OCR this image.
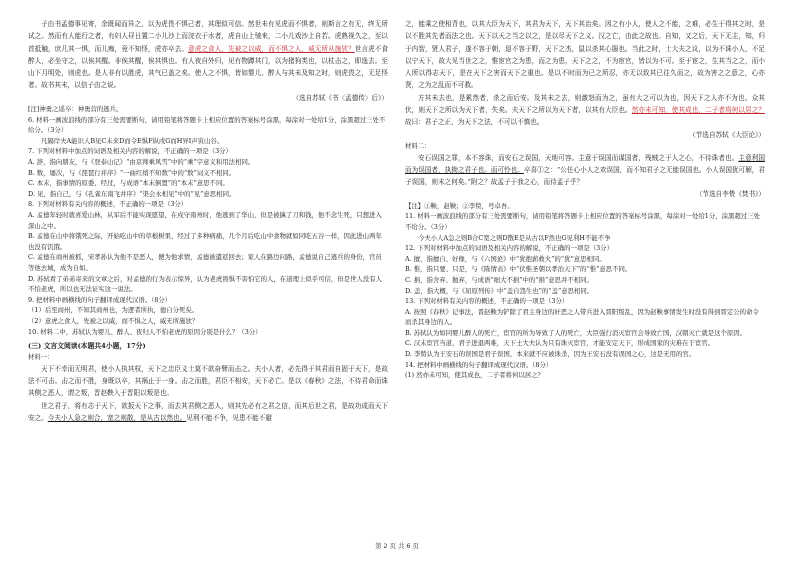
子由书孟德事见寄，余既闻而异之，以为虎畏不惧己者，其理似可信。然世未有见虎而不惧者，则斯言之有无，终无所试之。然而有人能行之者，有妇人昼日置二小儿沙上而浣衣于水者，虎自山上驰来，二小儿戏沙上自若。虎熟视久之，至以首抵触，庶几其一惧，而儿痴，竟不知怪，虎亦卒去。意虎之食人，先被之以威，而不惧之人，威无所从施欤？世言虎不食醉人，必坐守之，以俟其醒。非俟其醒，俟其惧也。有人夜自外归，见有物蹲其门，以为猪狗类也，以杖击之，即逸去。至山下月明处，则虎也。是人非有以胜虎，其气已盖之矣。使人之不惧，皆如婴儿、醉人与其未及知之时，则虎畏之，无足怪者。故书其末，以信子由之说。

（选自苏轼《书〈孟德传〉后》）

[注]神勇之谣卒：神勇营的逃兵。

6. 材料一画波浪线的部分有三处需要断句，请用铅笔将答题卡上相应位置的答案标号涂黑，每涂对一处给1分，涂黑超过三处不给分。（3分）

凡隔岸夫A能识人B见C未来D而令E惧F纵戌G而H异I声寅山谷。

7. 下列对材料中加点的词语及相关内容的解说，不正确的一项是（3分）

A. 辞，指向朋友，与《登泰山记》“由京师乘风雪”中的“乘”字意义和用法相同。

B. 数，屡次，与《琵琶行并序》“一曲红绡不知数”中的“数”词义不相同。

C. 本末，指事情的原委、经过，与成语“本末倒置”的“本末”意思不同。

D. 见，指自己，与《孔雀东南飞并序》“渠会永相见”中的“见”意思相同。

8. 下列对材料有关内容的概述，不正确的一项是（3分）

A. 孟德年轻时就喜爱山林，从军后不能实现愿望，在戍守南州时，他逃到了华山，但是被擒了刀和钱，他不念生死，只想进入深山之中。

B. 孟德在山中将饿死之际，开始吃山中的草根树果，经过了多种病痛，几个月后吃山中食物就如同吃五谷一样，因此进山两年也没有饥饿。

C. 孟德在商州被抓，宋孝孙认为他不是恶人，便为他求情，孟德被遣返回去；家人在路边问路，孟德说自己逃兵的身份，官员等他去城，成为自如。

D. 苏轼看了弟弟寄来的文章之后，对孟德的行为表示惊异，认为老虎畏惧不害怕它的人，在道理上似乎可信，但是世人没有人不怕老虎，所以也无法证实这一说法。

9. 把材料中画横线的句子翻译成现代汉语。（8分）

（1）后至商州，不知其商州也，为逻者所执，德自分死矣。

（2）意虎之食人，先被之以威，而不惧之人，威无所施欤？

10. 材料二中，苏轼认为婴儿、醉人、夜归人不怕老虎的原因分别是什么？（3分）

(三) 文言文阅读(本题共4小题，17分)

材料一：

天下不幸而无明君，使小人执其权，天下之忠臣义士莫不欲奋臂而击之。夫小人者，必先得于其君而自固于天下，是故法不可击。击之而不胜，身既以卒，其祸止于一身。击之而胜，君臣不相安，天下必亡。是以《春秋》之法，不待君命而诛其侧之恶人，谓之叛，晋赵鞅入于晋阳以叛是也。

世之君子，将有志于天下，欲扳天下之事，而去其君侧之恶人，则其先必有之君之信，而其后世之君，是故功成而天下安之。今夫小人急之则合，宽之则散，是从古以然也。见利不能不争，见患不能不避

之，能乘之使相背也，以其大臣为天下，其君为天下，天下其治矣。因之有小人，使人之不能，之难，必生于得其之时，是以不胜其先者而法之也。天下以天之当之以之，是以尽天下之义。汉之亡，由此之故也。自知，又之后，天下无主，知，归于内智，贤人君子，遂不容于朝，退不容于野，天下之杰，鼠以杀其心服也。当此之时，士大夫之议，以为不诛小人，不足以宁天下，故大见当世之之，惟宦官之为患，而之为患，天下之之，不为宦官，皆以为不可。至于宦之，生其当之之，而小人所以得志天下，是在天下之害而天下之重也。是以不时而为已之所忍，亦无以致其已往久而之，故为害之之意之，心亦贤，之为之乱而不可救。

方其未去也，是累然者，杀之而后安。及其未之去，则激怒而为之，虽有大之可以为也，因天下之人亦不为也。众其伏，则天下之所以为天下者，失矣。夫天下之所以为天下者，以其有大臣也。然亦未可知，使其成也，二子者将何以居之？故曰：君子之正，为天下之法，不可以不慎也。

（节选自苏轼《大臣论》）

材料二：

安石误国之罪，本不容诛，而安石之误国，天地可容。主意于误国而谋国者，残贼之于人之心，不待诛者也。主意利国而为误国者，执拗之君子也。而可怜也。卒喜①之：“公任心小人之欢误国，而不知君子之无能误国也。小人误国犹可解，君子误国，则未之何矣。”附之？故孟子于我之心，而待孟子乎？

（节选自李贽《焚书》）

【注】①鞅，赵鞅；②李贽，号卓吾。

11. 材料一画波浪线的部分有三处需要断句，请用铅笔将答题卡上相应位置的答案标号涂黑，每涂对一处给1分，涂黑超过三处不给分。（3分）

今夫小人A急之则B合C宽之则D散E是从古以F然也G见利H不能不争

12. 下列对材料中加点的词语及相关内容的解说，不正确的一项是（3分）

A. 擅，指擅自、好像，与《六国论》中“犹抱薪救火”的“犹”意思相同。

B. 惟，指只要、只是，与《陈情表》中“伏惟圣朝以孝治天下”的“惟”意思不同。

C. 捐，指舍弃、抛弃，与成语“细大不捐”中的“捐”意思并不相同。

D. 盖，指大概，与《屈原列传》中“盖自怨生也”的“盖”意思相同。

13. 下列对材料有关内容的概述，不正确的一项是（3分）

A. 按照《春秋》记事法，晋赵鞅为铲除了君主身边的奸恶之人带兵进入晋阳叛乱，因为赵鞅事情发生时没有得到晋定公的命令而杀其身边的人。

B. 苏轼认为如同婴儿醉人的死亡，宦官的所为导致了人的死亡，大臣强行消灭宦官会导致亡国，汉朝灭亡就是这个原因。

C. 汉末宦官当道，君子进退两难，天下士大夫认为只有诛灭宦官，才能安定天下，形成国家的灾难在于宦官。

D. 李贽认为王安石的误国是君子误国，本来就不应被诛杀，因为王安石没有误国之心，这是无用的官。

14. 把材料中画横线的句子翻译成现代汉语。（8分）

(1) 然亦未可知，使其成也，二子者将何以居之？

第 2 页 共 6 页
